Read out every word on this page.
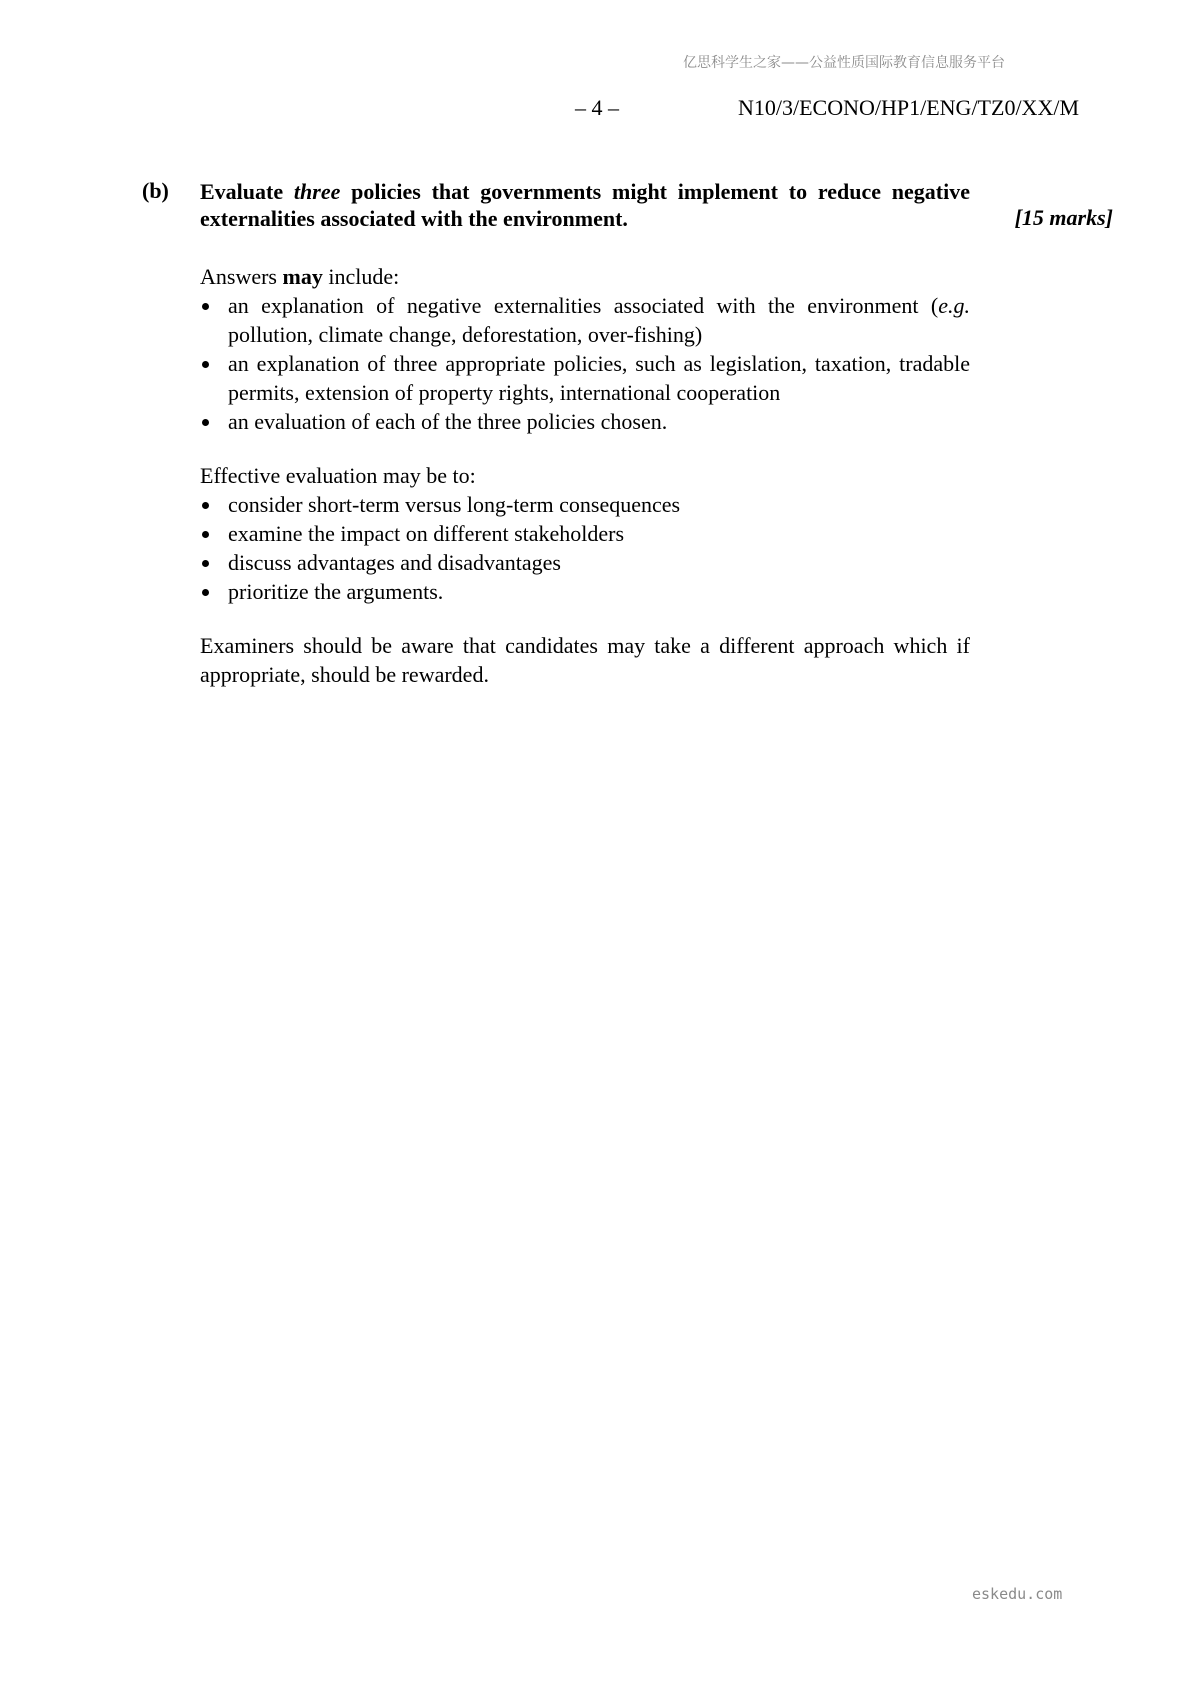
亿思科学生之家——公益性质国际教育信息服务平台
– 4 –	N10/3/ECONO/HP1/ENG/TZ0/XX/M
(b) Evaluate three policies that governments might implement to reduce negative externalities associated with the environment.	[15 marks]

Answers may include:

an explanation of negative externalities associated with the environment (e.g. pollution, climate change, deforestation, over-fishing)
an explanation of three appropriate policies, such as legislation, taxation, tradable permits, extension of property rights, international cooperation
an evaluation of each of the three policies chosen.

Effective evaluation may be to:

consider short-term versus long-term consequences
examine the impact on different stakeholders
discuss advantages and disadvantages
prioritize the arguments.

Examiners should be aware that candidates may take a different approach which if appropriate, should be rewarded.

eskedu.com
